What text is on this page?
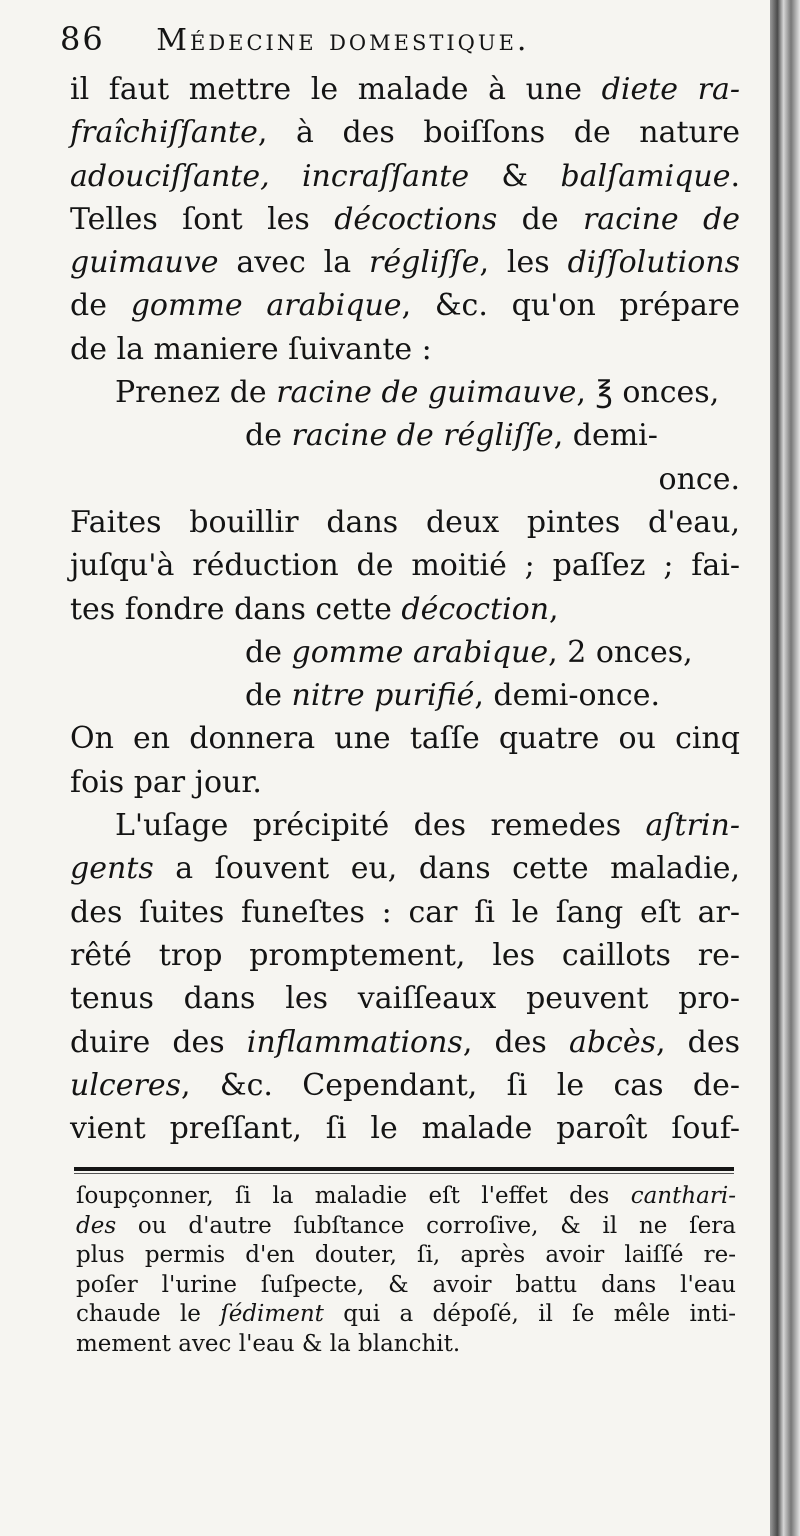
86 Médecine domestique.
il faut mettre le malade à une diete ra-
fraîchiſſante, à des boiſſons de nature
adouciſſante, incraſſante & balſamique.
Telles ſont les décoctions de racine de
guimauve avec la régliſſe, les diſſolutions
de gomme arabique, &c. qu'on prépare
de la maniere ſuivante :
Prenez de racine de guimauve, ℥ onces,
de racine de régliſſe, demi-
once.
Faites bouillir dans deux pintes d'eau,
juſqu'à réduction de moitié ; paſſez ; fai-
tes fondre dans cette décoction,
de gomme arabique, 2 onces,
de nitre purifié, demi-once.
On en donnera une taſſe quatre ou cinq
fois par jour.
L'uſage précipité des remedes aſtrin-
gents a ſouvent eu, dans cette maladie,
des ſuites funeſtes : car ſi le ſang eſt ar-
rêté trop promptement, les caillots re-
tenus dans les vaiſſeaux peuvent pro-
duire des inflammations, des abcès, des
ulceres, &c. Cependant, ſi le cas de-
vient preſſant, ſi le malade paroît ſouf-
ſoupçonner, ſi la maladie eſt l'effet des canthari-
des ou d'autre ſubſtance corroſive, & il ne ſera
plus permis d'en douter, ſi, après avoir laiſſé re-
poſer l'urine ſuſpecte, & avoir battu dans l'eau
chaude le ſédiment qui a dépoſé, il ſe mêle inti-
mement avec l'eau & la blanchit.
